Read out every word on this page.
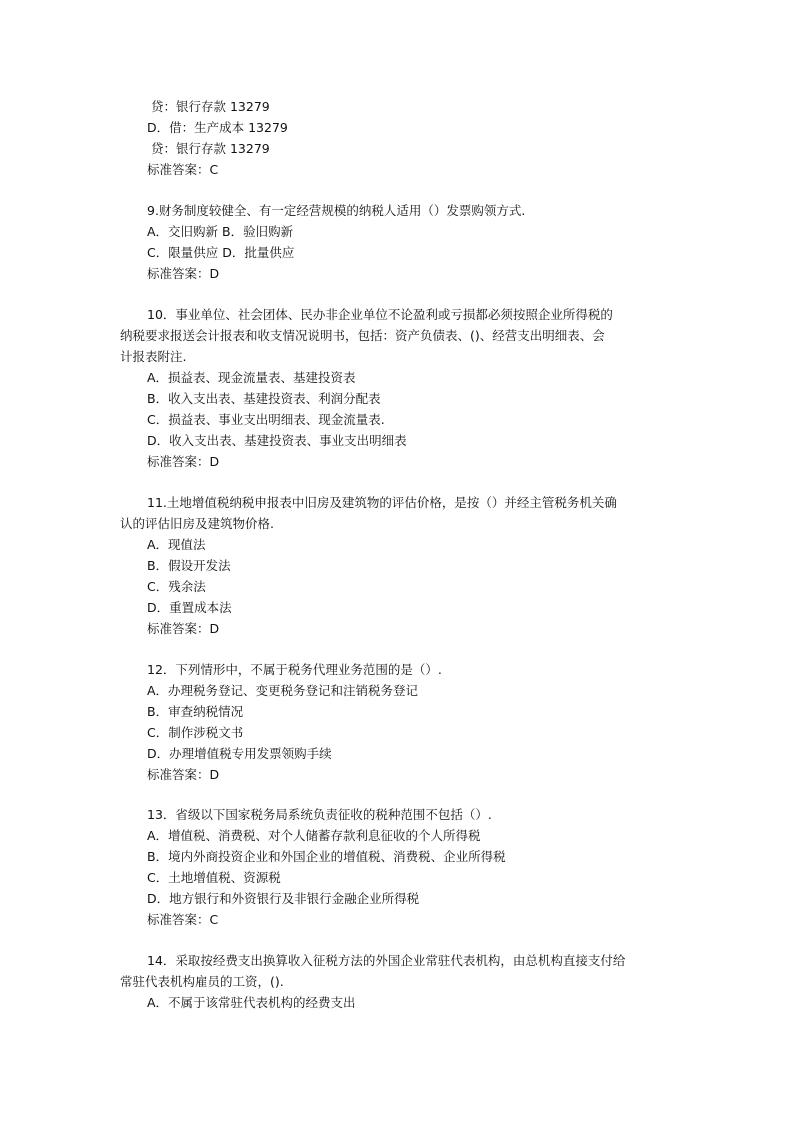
贷：银行存款 13279
D．借：生产成本 13279
贷：银行存款 13279
标准答案：C
9.财务制度较健全、有一定经营规模的纳税人适用（）发票购领方式.
A．交旧购新 B．验旧购新
C．限量供应 D．批量供应
标准答案：D
10．事业单位、社会团体、民办非企业单位不论盈利或亏损都必须按照企业所得税的
纳税要求报送会计报表和收支情况说明书，包括：资产负债表、()、经营支出明细表、会
计报表附注.
A．损益表、现金流量表、基建投资表
B．收入支出表、基建投资表、利润分配表
C．损益表、事业支出明细表、现金流量表.
D．收入支出表、基建投资表、事业支出明细表
标准答案：D
11.土地增值税纳税申报表中旧房及建筑物的评估价格，是按（）并经主管税务机关确
认的评估旧房及建筑物价格.
A．现值法
B．假设开发法
C．残余法
D．重置成本法
标准答案：D
12．下列情形中，不属于税务代理业务范围的是（）.
A．办理税务登记、变更税务登记和注销税务登记
B．审查纳税情况
C．制作涉税文书
D．办理增值税专用发票领购手续
标准答案：D
13．省级以下国家税务局系统负责征收的税种范围不包括（）.
A．增值税、消费税、对个人储蓄存款利息征收的个人所得税
B．境内外商投资企业和外国企业的增值税、消费税、企业所得税
C．土地增值税、资源税
D．地方银行和外资银行及非银行金融企业所得税
标准答案：C
14．采取按经费支出换算收入征税方法的外国企业常驻代表机构，由总机构直接支付给
常驻代表机构雇员的工资，().
A．不属于该常驻代表机构的经费支出
